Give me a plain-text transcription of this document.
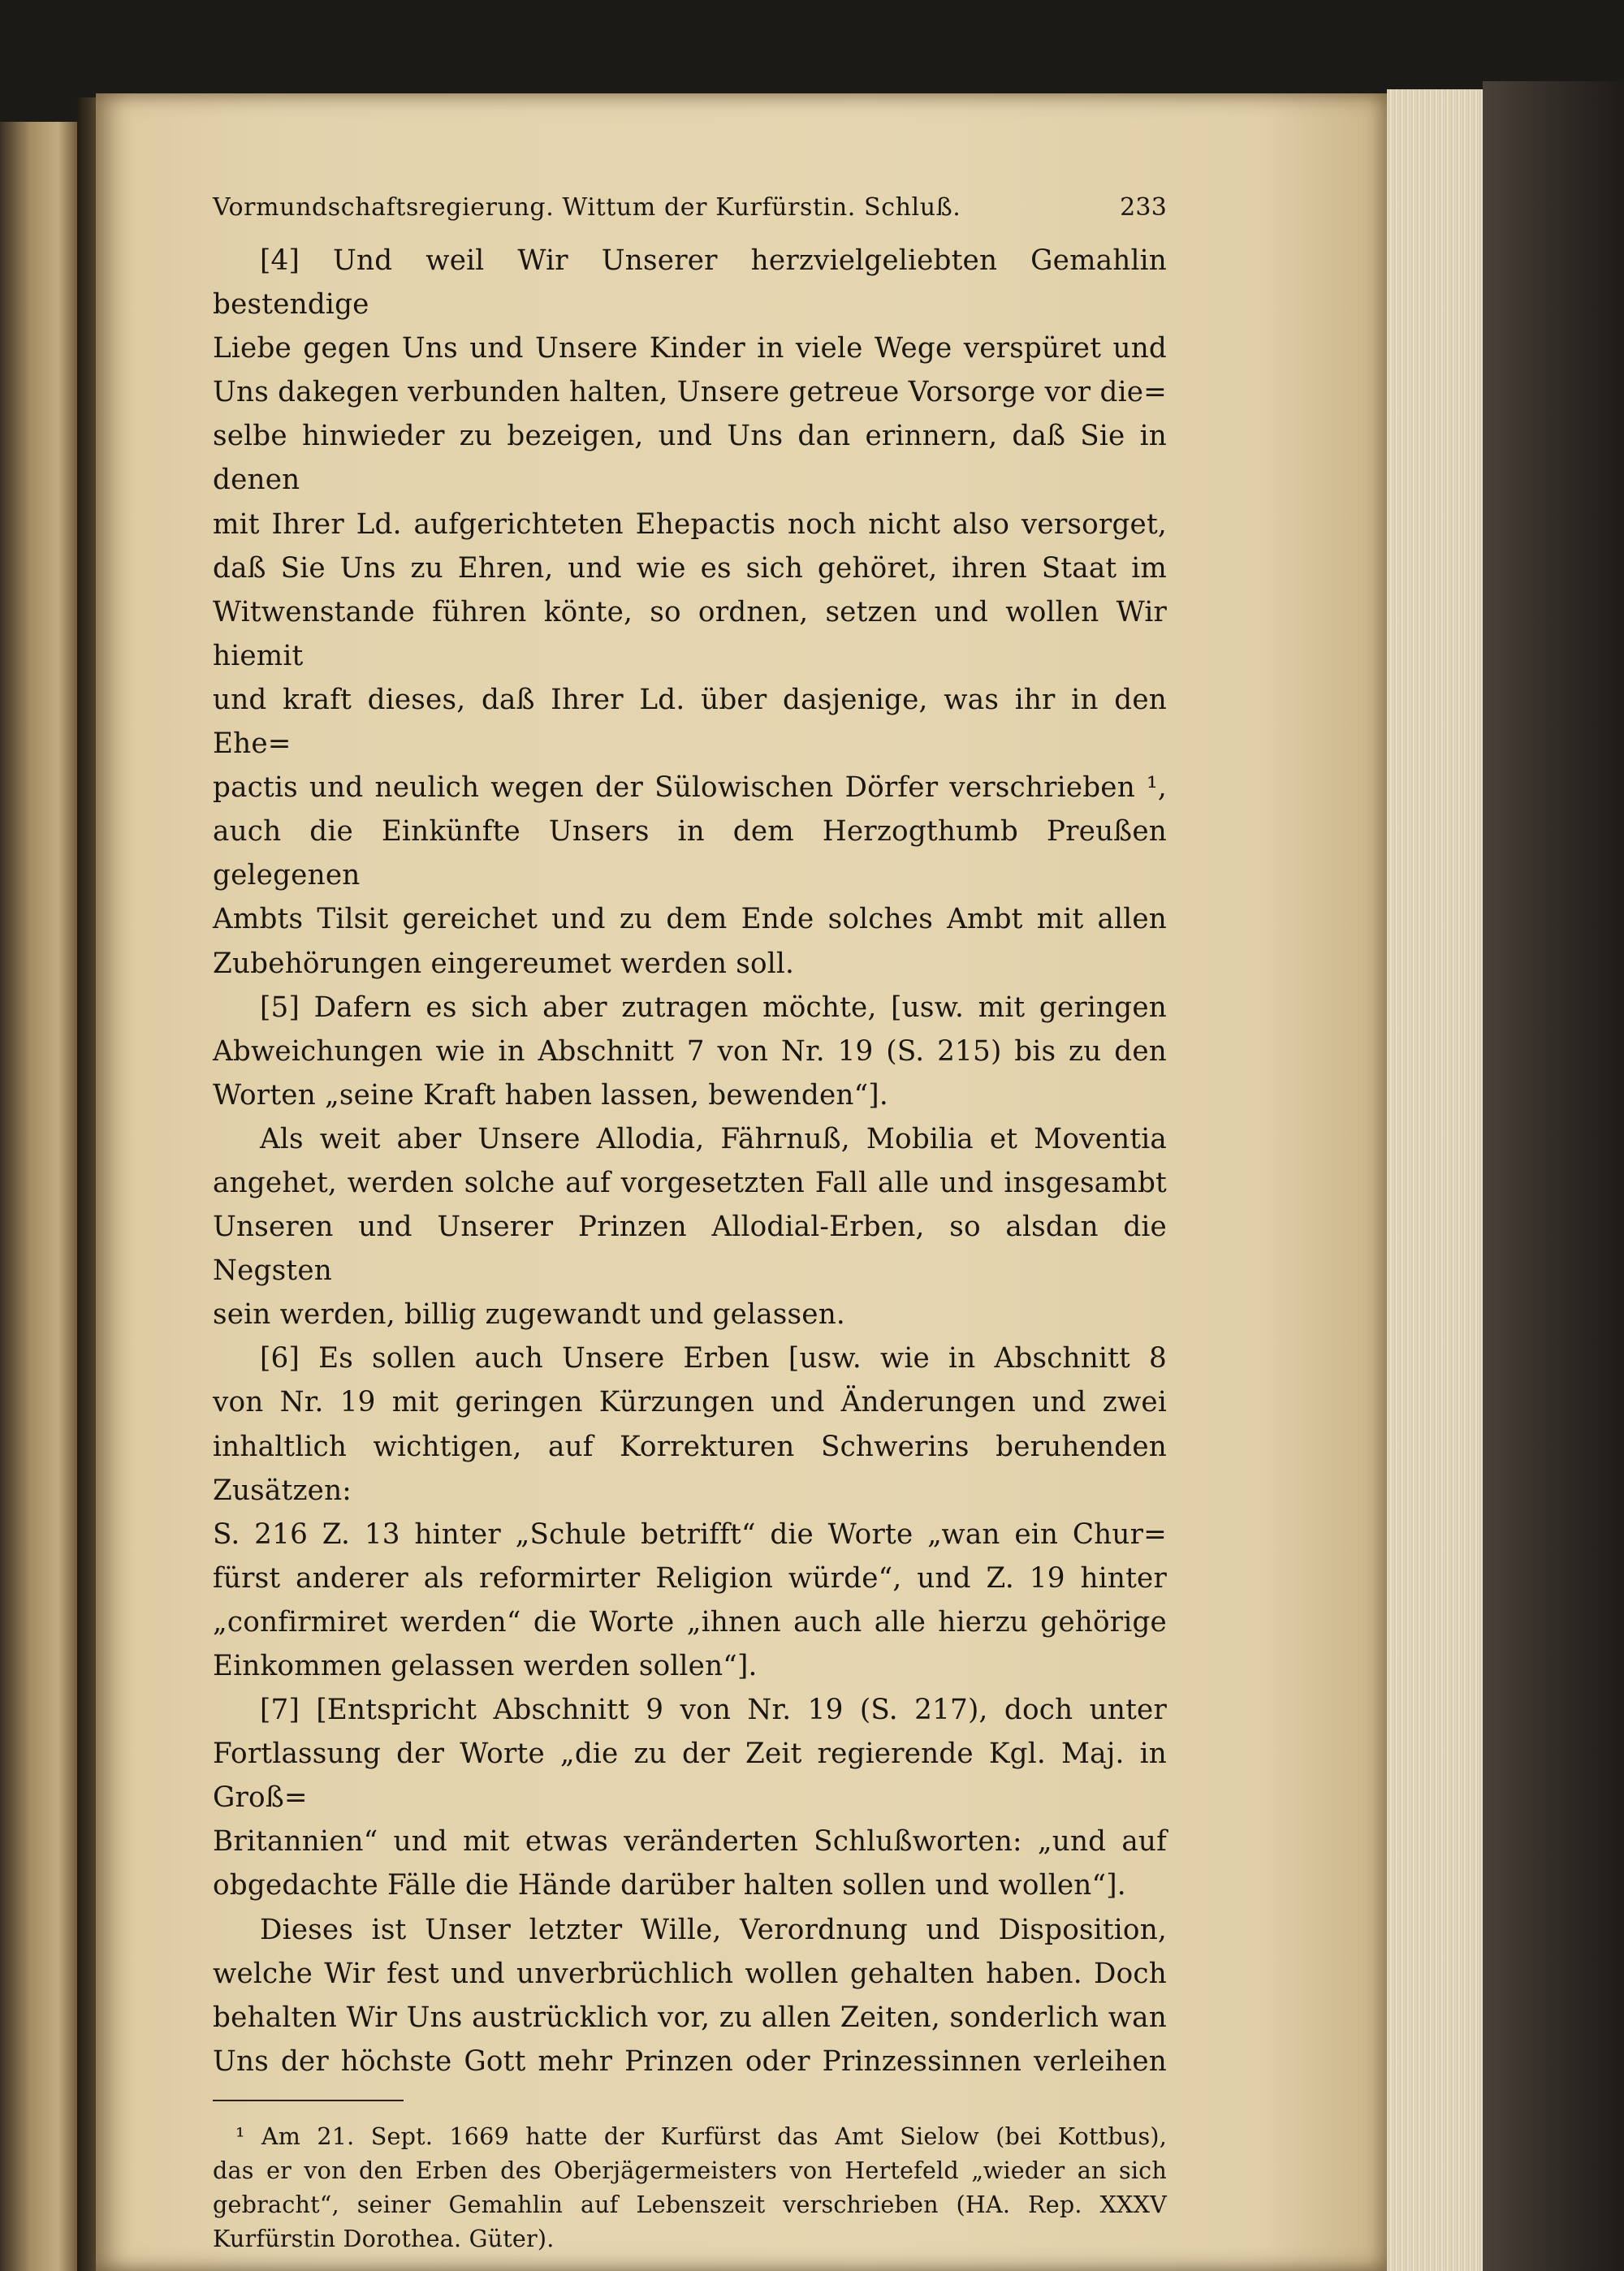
Vormundschaftsregierung. Wittum der Kurfürstin. Schluß.	233

[4] Und weil Wir Unserer herzvielgeliebten Gemahlin bestendige

Liebe gegen Uns und Unsere Kinder in viele Wege verspüret und

Uns dakegen verbunden halten, Unsere getreue Vorsorge vor die=

selbe hinwieder zu bezeigen, und Uns dan erinnern, daß Sie in denen

mit Ihrer Ld. aufgerichteten Ehepactis noch nicht also versorget,

daß Sie Uns zu Ehren, und wie es sich gehöret, ihren Staat im

Witwenstande führen könte, so ordnen, setzen und wollen Wir hiemit

und kraft dieses, daß Ihrer Ld. über dasjenige, was ihr in den Ehe=

pactis und neulich wegen der Sülowischen Dörfer verschrieben ¹,

auch die Einkünfte Unsers in dem Herzogthumb Preußen gelegenen

Ambts Tilsit gereichet und zu dem Ende solches Ambt mit allen

Zubehörungen eingereumet werden soll.

[5] Dafern es sich aber zutragen möchte, [usw. mit geringen

Abweichungen wie in Abschnitt 7 von Nr. 19 (S. 215) bis zu den

Worten „seine Kraft haben lassen, bewenden“].

Als weit aber Unsere Allodia, Fährnuß, Mobilia et Moventia

angehet, werden solche auf vorgesetzten Fall alle und insgesambt

Unseren und Unserer Prinzen Allodial-Erben, so alsdan die Negsten

sein werden, billig zugewandt und gelassen.

[6] Es sollen auch Unsere Erben [usw. wie in Abschnitt 8

von Nr. 19 mit geringen Kürzungen und Änderungen und zwei

inhaltlich wichtigen, auf Korrekturen Schwerins beruhenden Zusätzen:

S. 216 Z. 13 hinter „Schule betrifft“ die Worte „wan ein Chur=

fürst anderer als reformirter Religion würde“, und Z. 19 hinter

„confirmiret werden“ die Worte „ihnen auch alle hierzu gehörige

Einkommen gelassen werden sollen“].

[7] [Entspricht Abschnitt 9 von Nr. 19 (S. 217), doch unter

Fortlassung der Worte „die zu der Zeit regierende Kgl. Maj. in Groß=

Britannien“ und mit etwas veränderten Schlußworten: „und auf

obgedachte Fälle die Hände darüber halten sollen und wollen“].

Dieses ist Unser letzter Wille, Verordnung und Disposition,

welche Wir fest und unverbrüchlich wollen gehalten haben. Doch

behalten Wir Uns austrücklich vor, zu allen Zeiten, sonderlich wan

Uns der höchste Gott mehr Prinzen oder Prinzessinnen verleihen

¹ Am 21. Sept. 1669 hatte der Kurfürst das Amt Sielow (bei Kottbus),

das er von den Erben des Oberjägermeisters von Hertefeld „wieder an sich

gebracht“, seiner Gemahlin auf Lebenszeit verschrieben (HA. Rep. XXXV

Kurfürstin Dorothea. Güter).
